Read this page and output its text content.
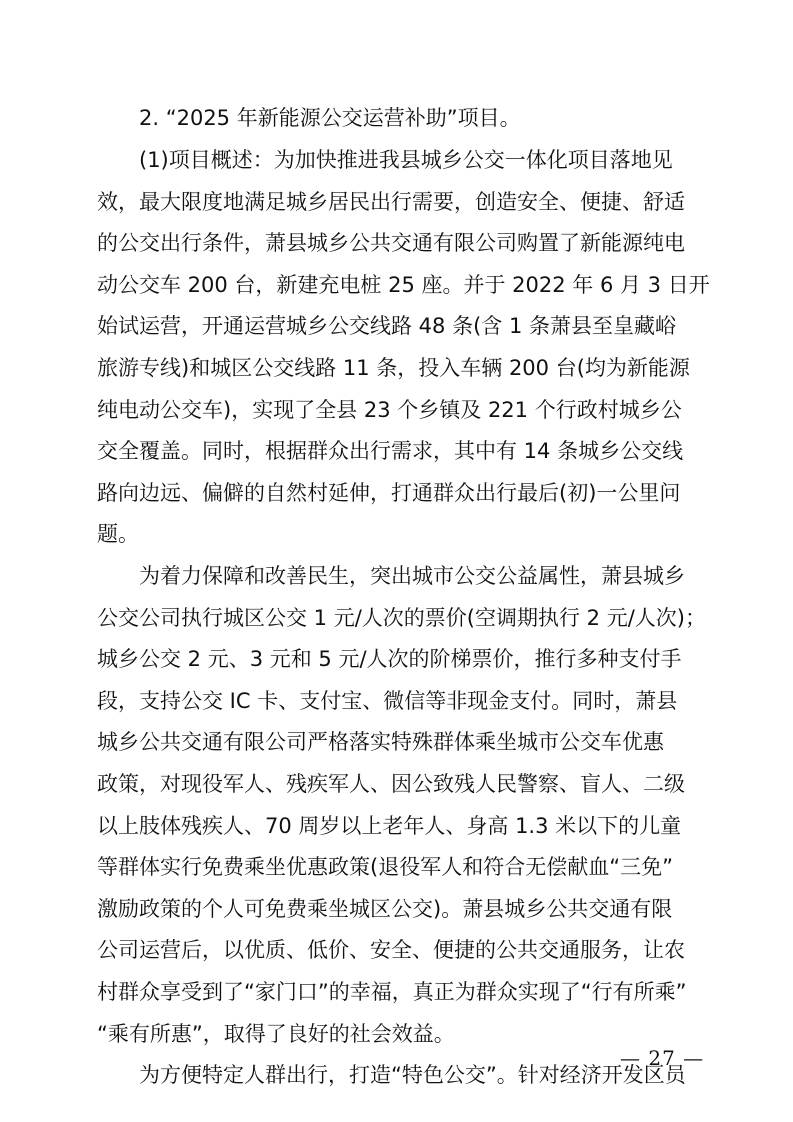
2. “2025 年新能源公交运营补助”项目。
(1)项目概述：为加快推进我县城乡公交一体化项目落地见
效，最大限度地满足城乡居民出行需要，创造安全、便捷、舒适
的公交出行条件，萧县城乡公共交通有限公司购置了新能源纯电
动公交车 200 台，新建充电桩 25 座。并于 2022 年 6 月 3 日开
始试运营，开通运营城乡公交线路 48 条(含 1 条萧县至皇藏峪
旅游专线)和城区公交线路 11 条，投入车辆 200 台(均为新能源
纯电动公交车)，实现了全县 23 个乡镇及 221 个行政村城乡公
交全覆盖。同时，根据群众出行需求，其中有 14 条城乡公交线
路向边远、偏僻的自然村延伸，打通群众出行最后(初)一公里问
题。
为着力保障和改善民生，突出城市公交公益属性，萧县城乡
公交公司执行城区公交 1 元/人次的票价(空调期执行 2 元/人次)；
城乡公交 2 元、3 元和 5 元/人次的阶梯票价，推行多种支付手
段，支持公交 IC 卡、支付宝、微信等非现金支付。同时，萧县
城乡公共交通有限公司严格落实特殊群体乘坐城市公交车优惠
政策，对现役军人、残疾军人、因公致残人民警察、盲人、二级
以上肢体残疾人、70 周岁以上老年人、身高 1.3 米以下的儿童
等群体实行免费乘坐优惠政策(退役军人和符合无偿献血“三免”
激励政策的个人可免费乘坐城区公交)。萧县城乡公共交通有限
公司运营后，以优质、低价、安全、便捷的公共交通服务，让农
村群众享受到了“家门口”的幸福，真正为群众实现了“行有所乘”
“乘有所惠”，取得了良好的社会效益。
为方便特定人群出行，打造“特色公交”。针对经济开发区员
— 27 —
